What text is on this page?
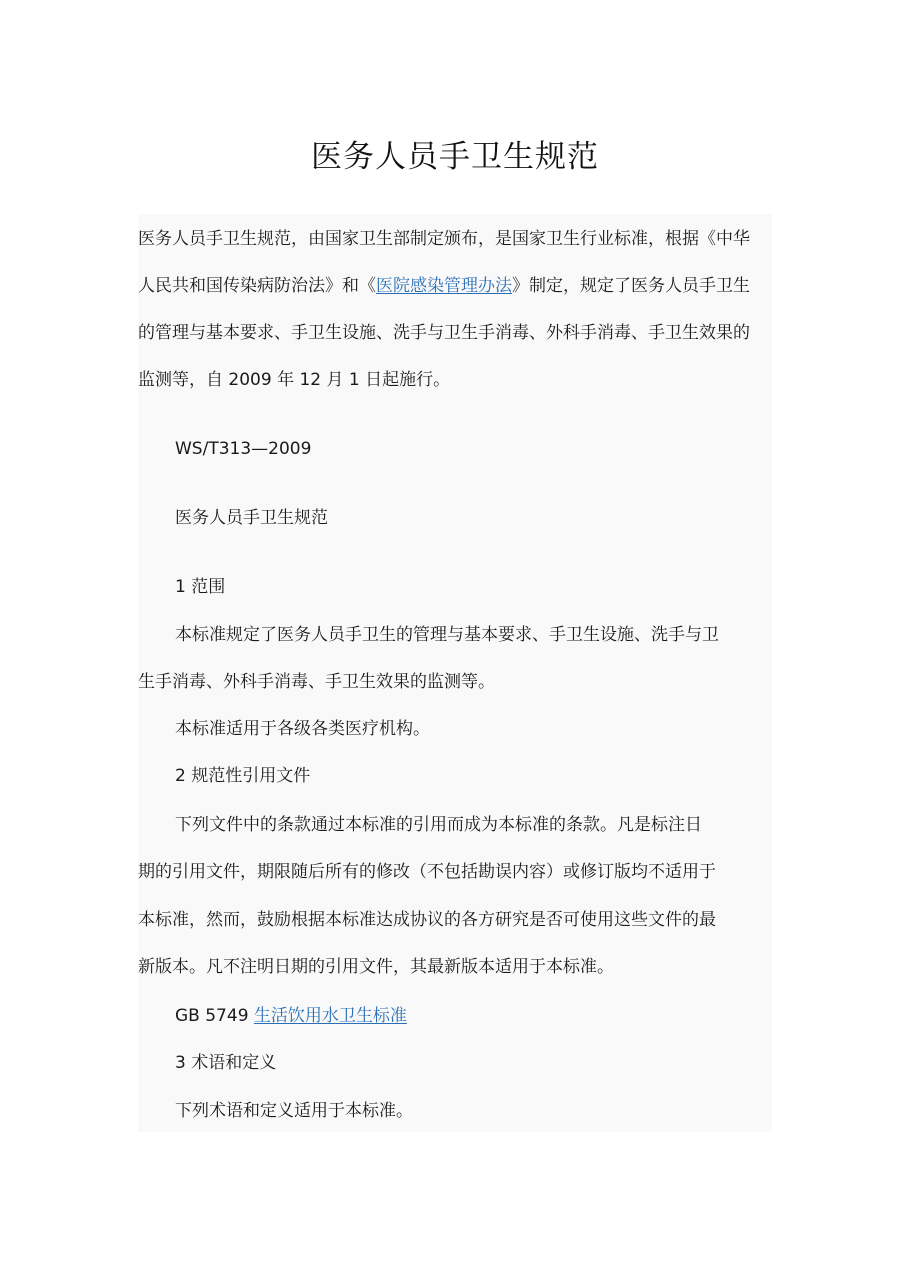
医务人员手卫生规范
医务人员手卫生规范，由国家卫生部制定颁布，是国家卫生行业标准，根据《中华
人民共和国传染病防治法》和《医院感染管理办法》制定，规定了医务人员手卫生
的管理与基本要求、手卫生设施、洗手与卫生手消毒、外科手消毒、手卫生效果的
监测等，自 2009 年 12 月 1 日起施行。
WS/T313—2009
医务人员手卫生规范
1 范围
本标准规定了医务人员手卫生的管理与基本要求、手卫生设施、洗手与卫
生手消毒、外科手消毒、手卫生效果的监测等。
本标准适用于各级各类医疗机构。
2 规范性引用文件
下列文件中的条款通过本标准的引用而成为本标准的条款。凡是标注日
期的引用文件，期限随后所有的修改（不包括勘误内容）或修订版均不适用于
本标准，然而，鼓励根据本标准达成协议的各方研究是否可使用这些文件的最
新版本。凡不注明日期的引用文件，其最新版本适用于本标准。
GB 5749 生活饮用水卫生标准
3 术语和定义
下列术语和定义适用于本标准。
